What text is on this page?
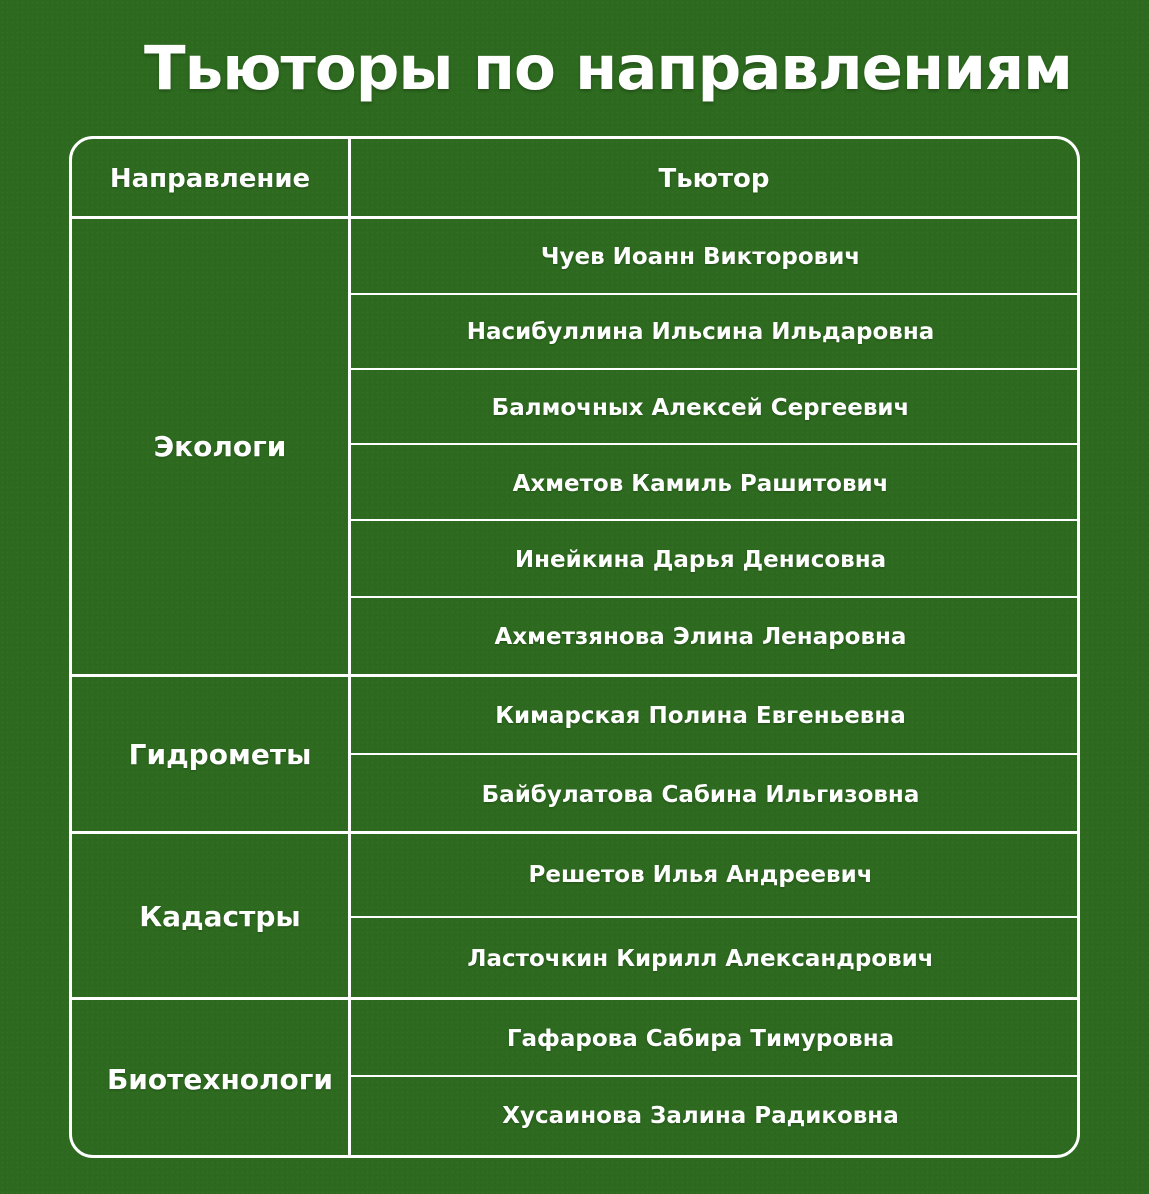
Тьюторы по направлениям
Направление	Тьютор
Экологи
Чуев Иоанн Викторович
Насибуллина Ильсина Ильдаровна
Балмочных Алексей Сергеевич
Ахметов Камиль Рашитович
Инейкина Дарья Денисовна
Ахметзянова Элина Ленаровна
Гидрометы
Кимарская Полина Евгеньевна
Байбулатова Сабина Ильгизовна
Кадастры
Решетов Илья Андреевич
Ласточкин Кирилл Александрович
Биотехнологи
Гафарова Сабира Тимуровна
Хусаинова Залина Радиковна
